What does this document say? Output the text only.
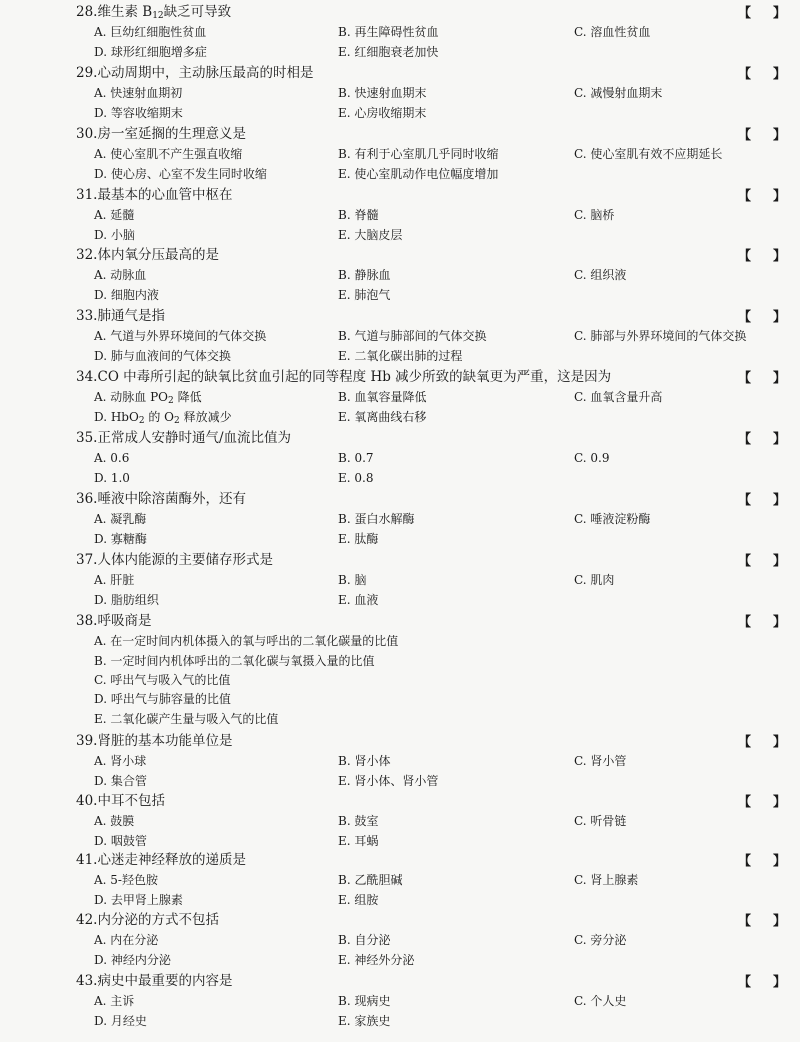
28.维生素 $B_{12}$缺乏可导致	【 】
A. 巨幼红细胞性贫血	B. 再生障碍性贫血	C. 溶血性贫血
D. 球形红细胞增多症	E. 红细胞衰老加快
29.心动周期中，主动脉压最高的时相是	【 】
A. 快速射血期初	B. 快速射血期末	C. 减慢射血期末
D. 等容收缩期末	E. 心房收缩期末
30.房一室延搁的生理意义是	【 】
A. 使心室肌不产生强直收缩	B. 有利于心室肌几乎同时收缩	C. 使心室肌有效不应期延长
D. 使心房、心室不发生同时收缩	E. 使心室肌动作电位幅度增加
31.最基本的心血管中枢在	【 】
A. 延髓	B. 脊髓	C. 脑桥
D. 小脑	E. 大脑皮层
32.体内氧分压最高的是	【 】
A. 动脉血	B. 静脉血	C. 组织液
D. 细胞内液	E. 肺泡气
33.肺通气是指	【 】
A. 气道与外界环境间的气体交换	B. 气道与肺部间的气体交换	C. 肺部与外界环境间的气体交换
D. 肺与血液间的气体交换	E. 二氧化碳出肺的过程
34.CO 中毒所引起的缺氧比贫血引起的同等程度 Hb 减少所致的缺氧更为严重，这是因为	【 】
A. 动脉血 $PO_2$ 降低	B. 血氧容量降低	C. 血氧含量升高
D. HbO$_2$ 的 $O_2$ 释放减少	E. 氧离曲线右移
35.正常成人安静时通气/血流比值为	【 】
A. 0.6	B. 0.7	C. 0.9
D. 1.0	E. 0.8
36.唾液中除溶菌酶外，还有	【 】
A. 凝乳酶	B. 蛋白水解酶	C. 唾液淀粉酶
D. 寡糖酶	E. 肽酶
37.人体内能源的主要储存形式是	【 】
A. 肝脏	B. 脑	C. 肌肉
D. 脂肪组织	E. 血液
38.呼吸商是	【 】
A. 在一定时间内机体摄入的氧与呼出的二氧化碳量的比值
B. 一定时间内机体呼出的二氧化碳与氧摄入量的比值
C. 呼出气与吸入气的比值
D. 呼出气与肺容量的比值
E. 二氧化碳产生量与吸入气的比值
39.肾脏的基本功能单位是	【 】
A. 肾小球	B. 肾小体	C. 肾小管
D. 集合管	E. 肾小体、肾小管
40.中耳不包括	【 】
A. 鼓膜	B. 鼓室	C. 听骨链
D. 咽鼓管	E. 耳蜗
41.心迷走神经释放的递质是	【 】
A. 5-羟色胺	B. 乙酰胆碱	C. 肾上腺素
D. 去甲肾上腺素	E. 组胺
42.内分泌的方式不包括	【 】
A. 内在分泌	B. 自分泌	C. 旁分泌
D. 神经内分泌	E. 神经外分泌
43.病史中最重要的内容是	【 】
A. 主诉	B. 现病史	C. 个人史
D. 月经史	E. 家族史
